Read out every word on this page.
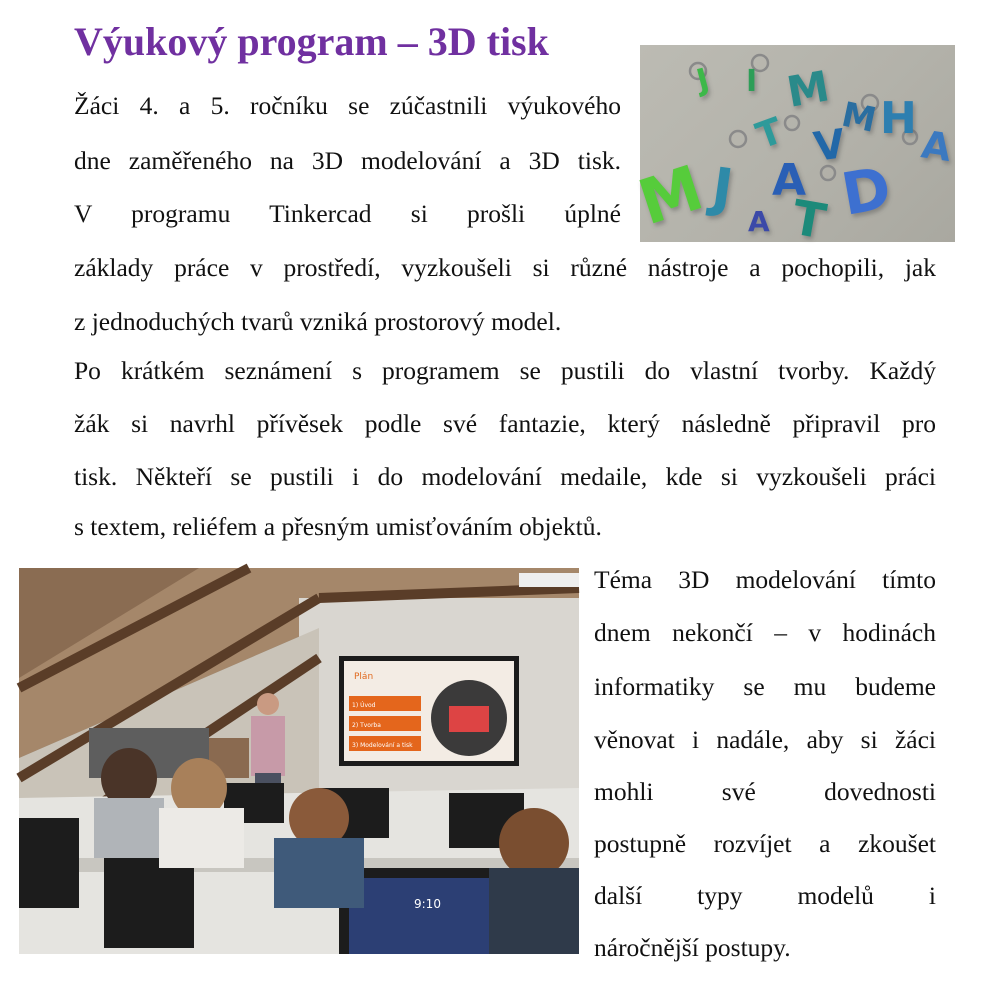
Výukový program – 3D tisk
J I M
T M H
A
V
A
M
J
A T D
Žáci 4. a 5. ročníku se zúčastnili výukového
dne zaměřeného na 3D modelování a 3D tisk.
V programu Tinkercad si prošli úplné
základy práce v prostředí, vyzkoušeli si různé nástroje a pochopili, jak
z jednoduchých tvarů vzniká prostorový model.
Po krátkém seznámení s programem se pustili do vlastní tvorby. Každý
žák si navrhl přívěsek podle své fantazie, který následně připravil pro
tisk. Někteří se pustili i do modelování medaile, kde si vyzkoušeli práci
s textem, reliéfem a přesným umisťováním objektů.
Plán
1) Úvod
2) Tvorba
3) Modelování a tisk
9:10
Téma 3D modelování tímto
dnem nekončí – v hodinách
informatiky se mu budeme
věnovat i nadále, aby si žáci
mohli své dovednosti
postupně rozvíjet a zkoušet
další typy modelů i
náročnější postupy.
